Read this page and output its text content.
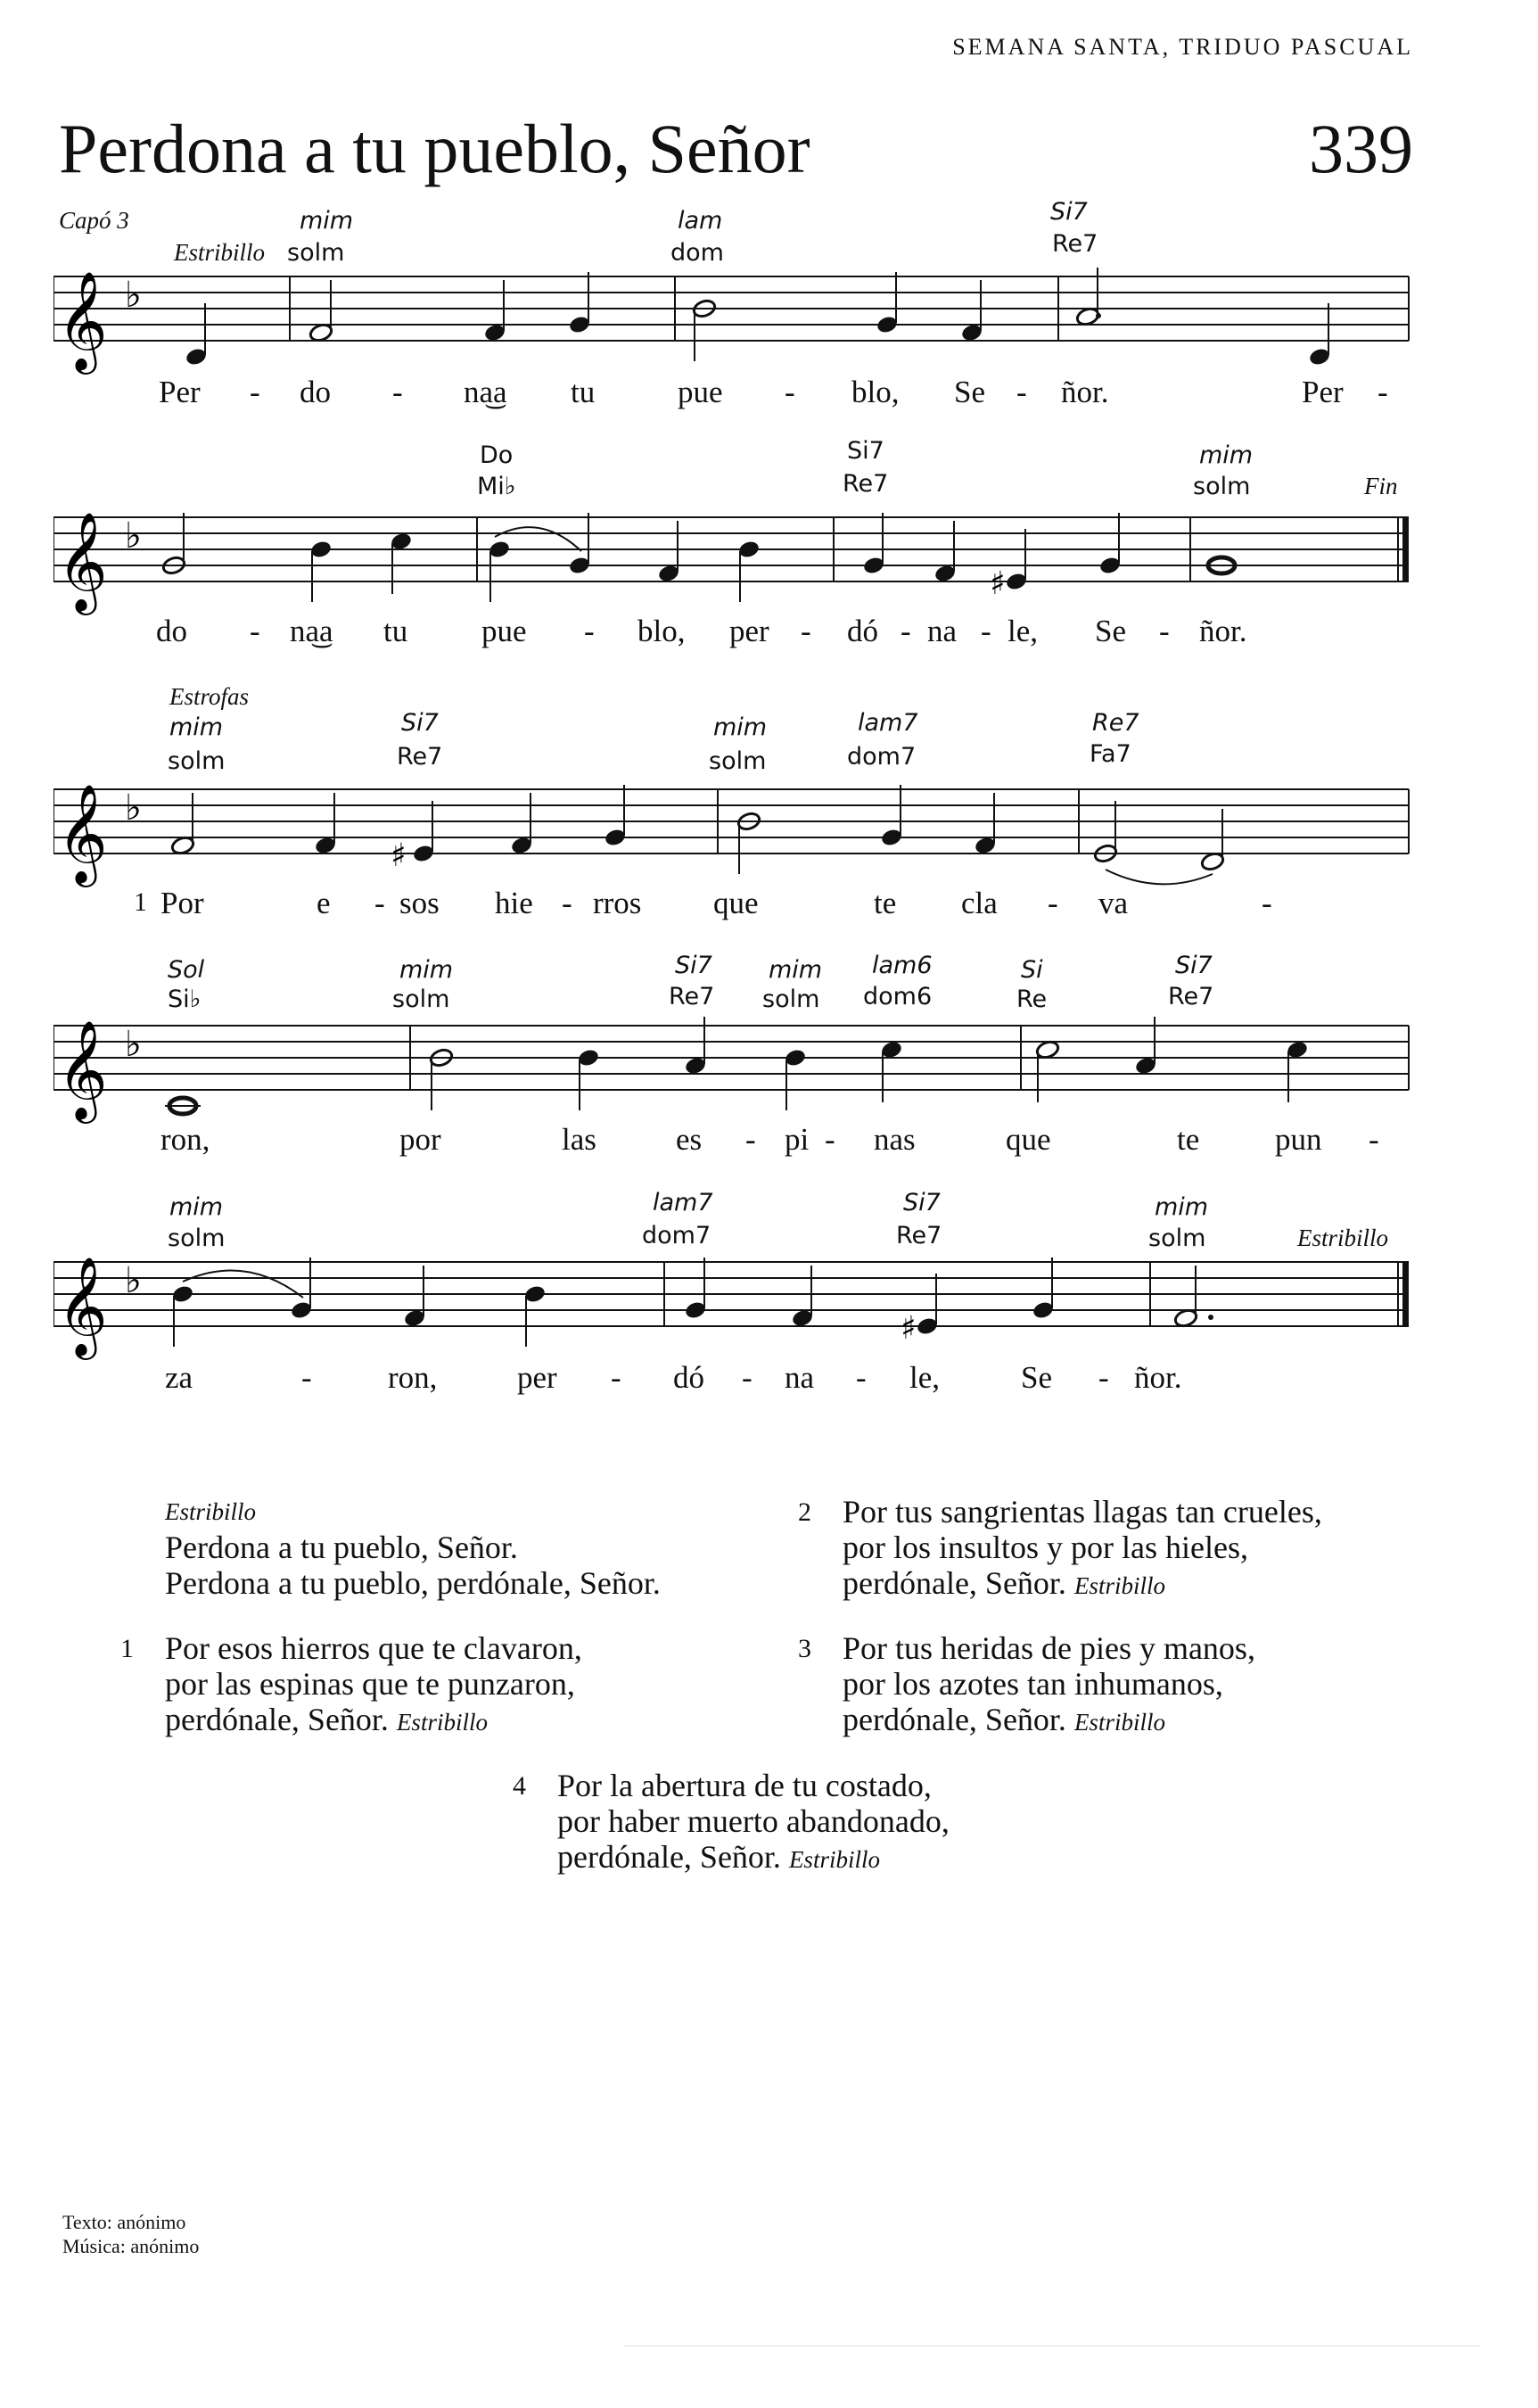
SEMANA SANTA, TRIDUO PASCUAL
Perdona a tu pueblo, Señor	339
Capó 3
Estribillo
mim
solm
lam
dom
Si7
Re7
𝄞 ♭
Per - do - na͜a tu	pue - blo, Se - ñor.	Per -
Do
Mi♭
Si7
Re7
mim
solm	Fin
𝄞 ♭
♯
do - na͜a tu pue - blo, per - dó - na - le, Se - ñor.
Estrofas
mim
solm
Si7
Re7
mim
solm
lam7
dom7
Re7
Fa7
𝄞 ♭
♯
1 Por	e - sos hie - rros que	te cla - va	-
Sol
Si♭
mim
solm
Si7
Re7
mim
solm
lam6
dom6
Si
Re
Si7
Re7
𝄞 ♭
ron,	por	las	es - pi - nas	que	te pun -
mim
solm
lam7
dom7
Si7
Re7
mim
solm	Estribillo
𝄞 ♭
♯
za	- ron,	per - dó - na - le,	Se - ñor.
Estribillo
Perdona a tu pueblo, Señor.
Perdona a tu pueblo, perdónale, Señor.
1 Por esos hierros que te clavaron,
por las espinas que te punzaron,
perdónale, Señor. Estribillo
2 Por tus sangrientas llagas tan crueles,
por los insultos y por las hieles,
perdónale, Señor. Estribillo
3 Por tus heridas de pies y manos,
por los azotes tan inhumanos,
perdónale, Señor. Estribillo
4 Por la abertura de tu costado,
por haber muerto abandonado,
perdónale, Señor. Estribillo
Texto: anónimo
Música: anónimo
